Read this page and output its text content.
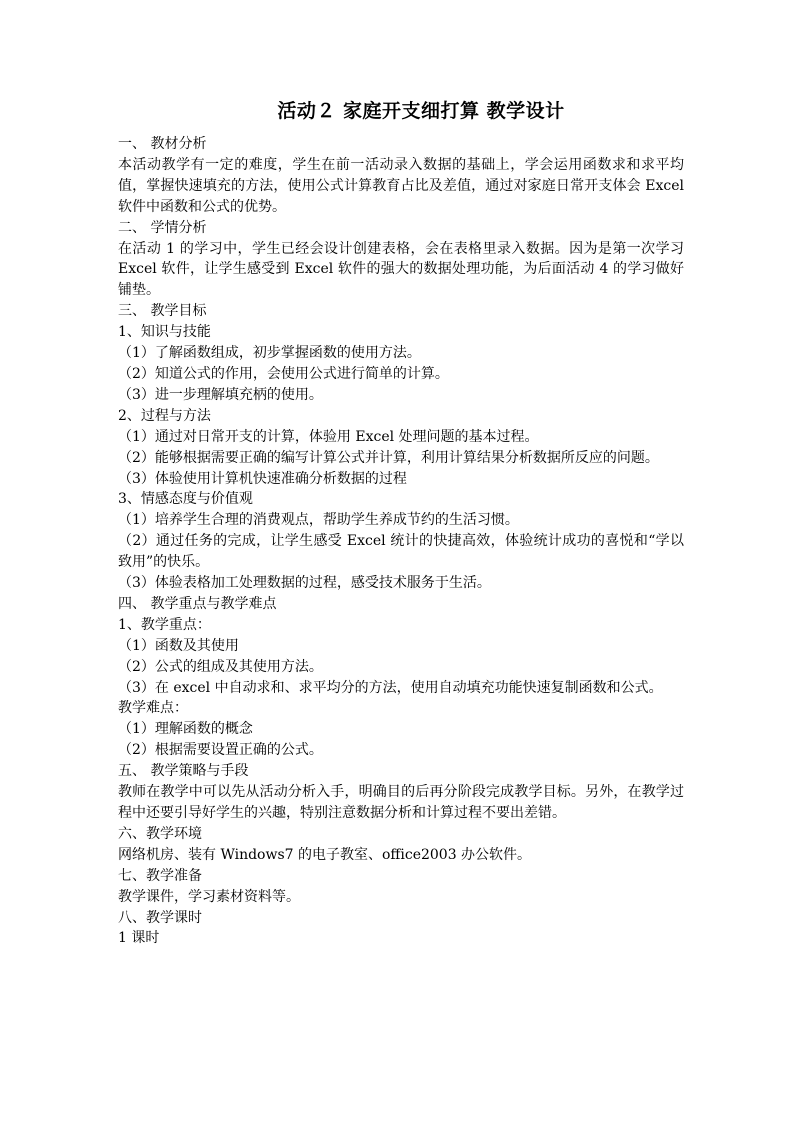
活动２ 家庭开支细打算 教学设计

一、 教材分析

本活动教学有一定的难度，学生在前一活动录入数据的基础上，学会运用函数求和求平均值，掌握快速填充的方法，使用公式计算教育占比及差值，通过对家庭日常开支体会 Excel 软件中函数和公式的优势。

二、 学情分析

在活动 1 的学习中，学生已经会设计创建表格，会在表格里录入数据。因为是第一次学习 Excel 软件，让学生感受到 Excel 软件的强大的数据处理功能，为后面活动 4 的学习做好铺垫。

三、 教学目标

1、知识与技能

（1）了解函数组成，初步掌握函数的使用方法。

（2）知道公式的作用，会使用公式进行简单的计算。

（3）进一步理解填充柄的使用。

2、过程与方法

（1）通过对日常开支的计算，体验用 Excel 处理问题的基本过程。

（2）能够根据需要正确的编写计算公式并计算，利用计算结果分析数据所反应的问题。

（3）体验使用计算机快速准确分析数据的过程

3、情感态度与价值观

（1）培养学生合理的消费观点，帮助学生养成节约的生活习惯。

（2）通过任务的完成，让学生感受 Excel 统计的快捷高效，体验统计成功的喜悦和“学以致用”的快乐。

（3）体验表格加工处理数据的过程，感受技术服务于生活。

四、 教学重点与教学难点

1、教学重点：

（1）函数及其使用

（2）公式的组成及其使用方法。

（3）在 excel 中自动求和、求平均分的方法，使用自动填充功能快速复制函数和公式。

教学难点：

（1）理解函数的概念

（2）根据需要设置正确的公式。

五、 教学策略与手段

教师在教学中可以先从活动分析入手，明确目的后再分阶段完成教学目标。另外，在教学过程中还要引导好学生的兴趣，特别注意数据分析和计算过程不要出差错。

六、教学环境

网络机房、装有 Windows7 的电子教室、office2003 办公软件。

七、教学准备

教学课件，学习素材资料等。

八、教学课时

1 课时
